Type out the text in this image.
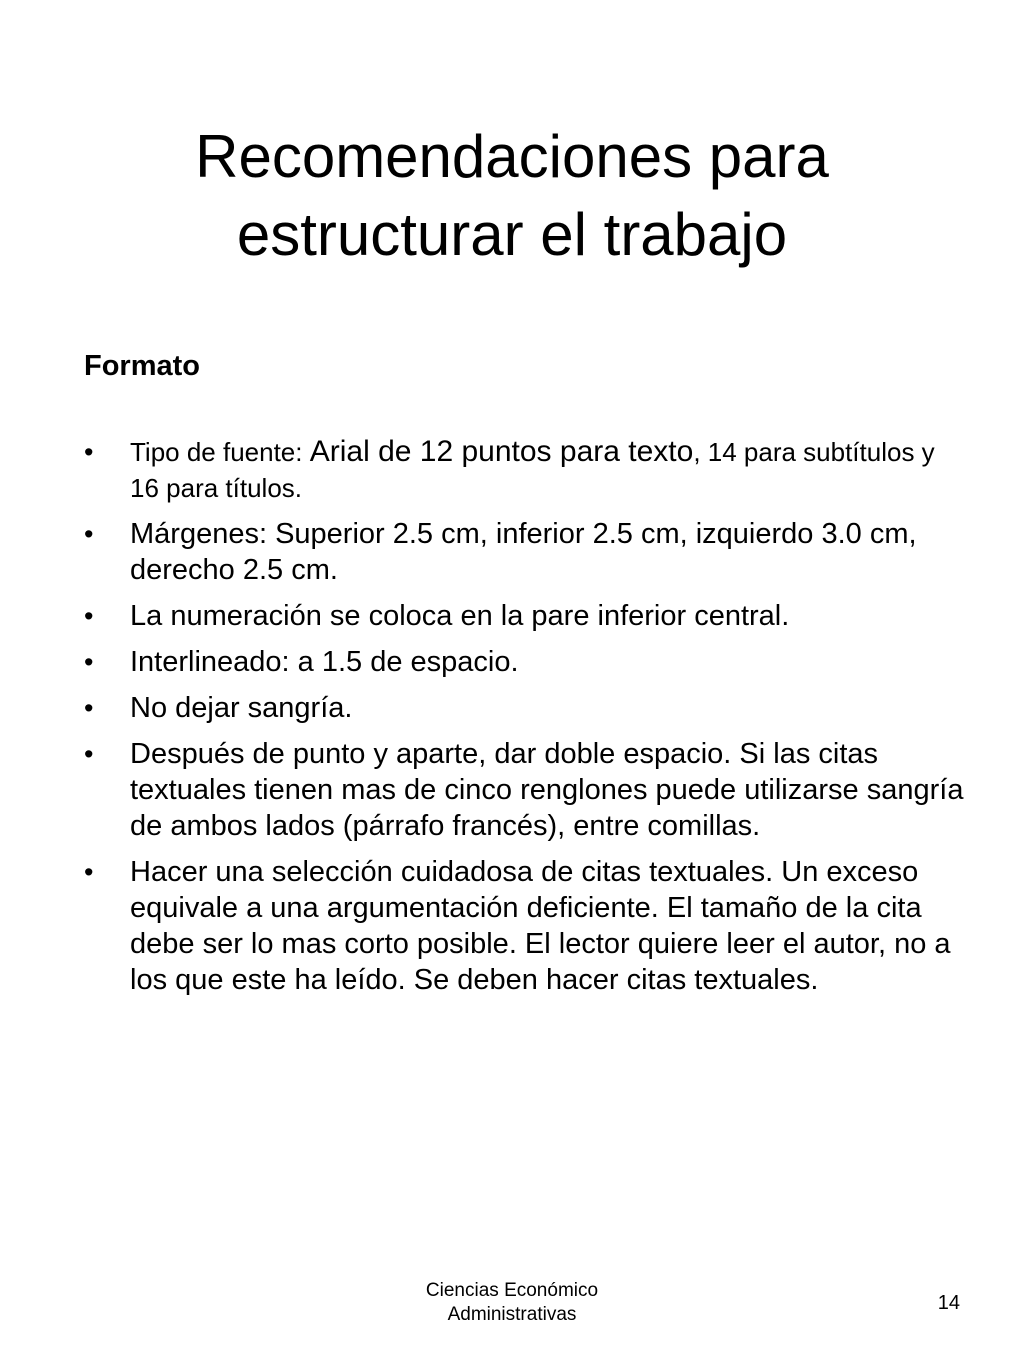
Recomendaciones para
estructurar el trabajo
Formato
•	Tipo de fuente: Arial de 12 puntos para texto, 14 para subtítulos y 16 para títulos.
•	Márgenes: Superior 2.5 cm, inferior 2.5 cm, izquierdo 3.0 cm, derecho 2.5 cm.
•	La numeración se coloca en la pare inferior central.
•	Interlineado: a 1.5 de espacio.
•	No dejar sangría.
•	Después de punto y aparte, dar doble espacio. Si las citas textuales tienen mas de cinco renglones puede utilizarse sangría de ambos lados (párrafo francés), entre comillas.
•	Hacer una selección cuidadosa de citas textuales. Un exceso equivale a una argumentación deficiente. El tamaño de la cita debe ser lo mas corto posible. El lector quiere leer el autor, no a los que este ha leído. Se deben hacer citas textuales.
Ciencias Económico
Administrativas
14
